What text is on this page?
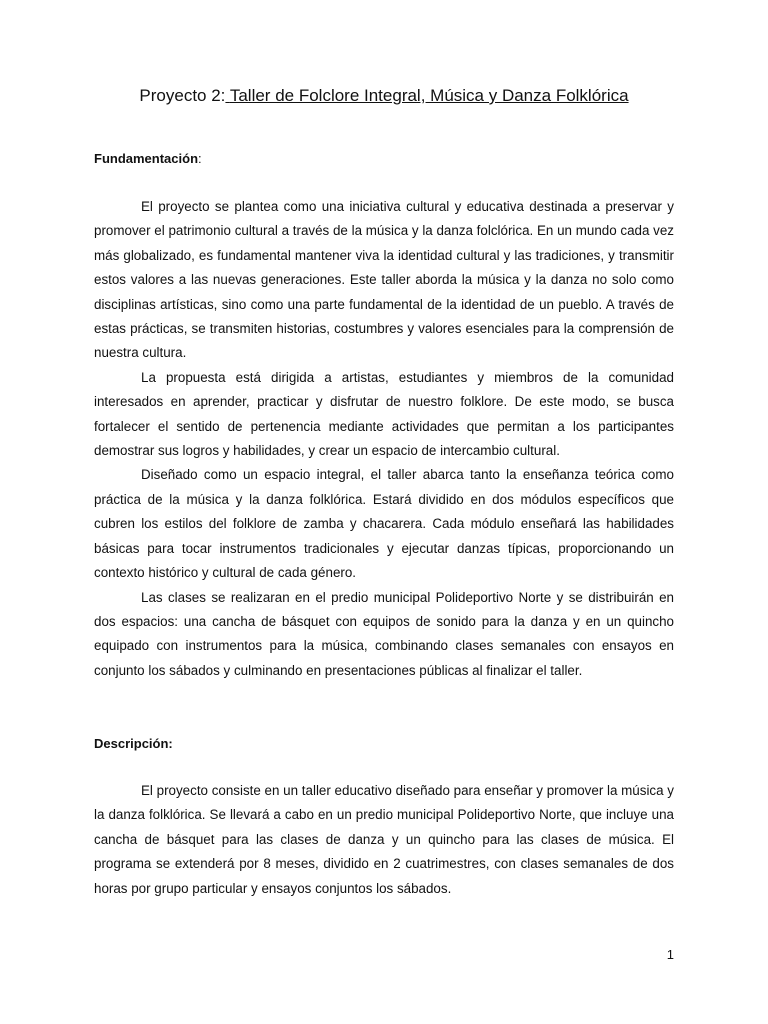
Proyecto 2: Taller de Folclore Integral, Música y Danza Folklórica
Fundamentación:

El proyecto se plantea como una iniciativa cultural y educativa destinada a preservar y promover el patrimonio cultural a través de la música y la danza folclórica. En un mundo cada vez más globalizado, es fundamental mantener viva la identidad cultural y las tradiciones, y transmitir estos valores a las nuevas generaciones. Este taller aborda la música y la danza no solo como disciplinas artísticas, sino como una parte fundamental de la identidad de un pueblo. A través de estas prácticas, se transmiten historias, costumbres y valores esenciales para la comprensión de nuestra cultura.

La propuesta está dirigida a artistas, estudiantes y miembros de la comunidad interesados en aprender, practicar y disfrutar de nuestro folklore. De este modo, se busca fortalecer el sentido de pertenencia mediante actividades que permitan a los participantes demostrar sus logros y habilidades, y crear un espacio de intercambio cultural.

Diseñado como un espacio integral, el taller abarca tanto la enseñanza teórica como práctica de la música y la danza folklórica. Estará dividido en dos módulos específicos que cubren los estilos del folklore de zamba y chacarera. Cada módulo enseñará las habilidades básicas para tocar instrumentos tradicionales y ejecutar danzas típicas, proporcionando un contexto histórico y cultural de cada género.

Las clases se realizaran en el predio municipal Polideportivo Norte y se distribuirán en dos espacios: una cancha de básquet con equipos de sonido para la danza y en un quincho equipado con instrumentos para la música, combinando clases semanales con ensayos en conjunto los sábados y culminando en presentaciones públicas al finalizar el taller.

Descripción:

El proyecto consiste en un taller educativo diseñado para enseñar y promover la música y la danza folklórica. Se llevará a cabo en un predio municipal Polideportivo Norte, que incluye una cancha de básquet para las clases de danza y un quincho para las clases de música. El programa se extenderá por 8 meses, dividido en 2 cuatrimestres, con clases semanales de dos horas por grupo particular y ensayos conjuntos los sábados.

1
